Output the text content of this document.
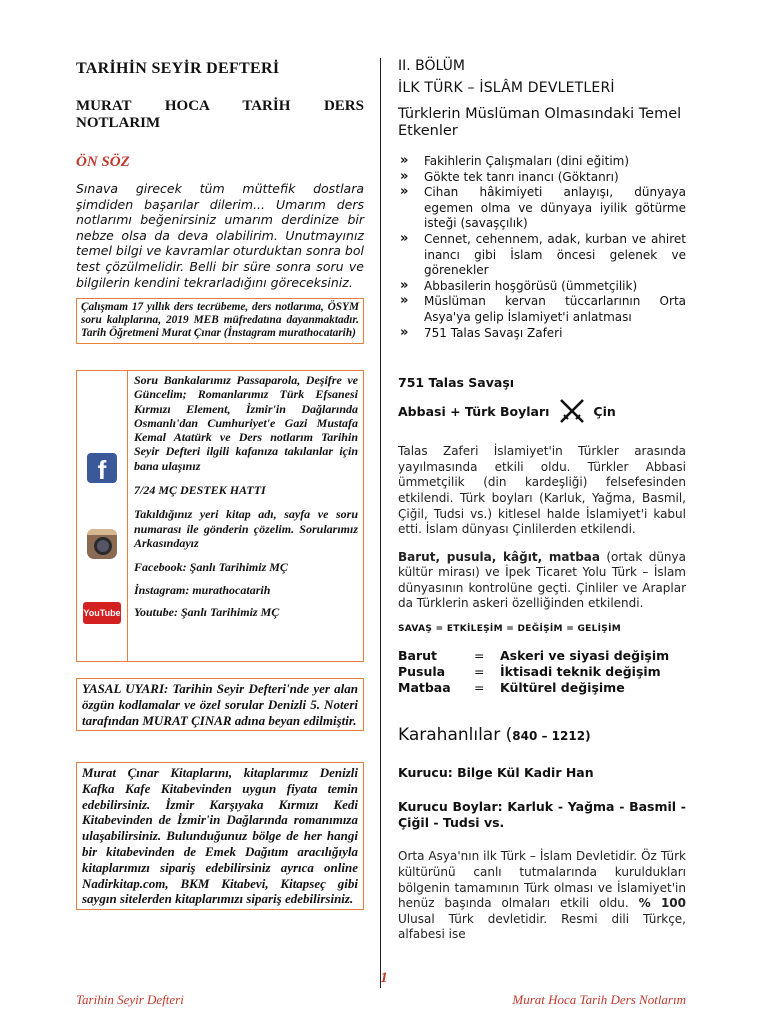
TARİHİN SEYİR DEFTERİ
MURAT HOCA TARİH DERS
NOTLARIM
ÖN SÖZ

Sınava girecek tüm müttefik dostlara şimdiden başarılar dilerim... Umarım ders notlarımı beğenirsiniz umarım derdinize bir nebze olsa da deva olabilirim. Unutmayınız temel bilgi ve kavramlar oturduktan sonra bol test çözülmelidir. Belli bir süre sonra soru ve bilgilerin kendini tekrarladığını göreceksiniz.

Çalışmam 17 yıllık ders tecrübeme, ders notlarıma, ÖSYM soru kalıplarına, 2019 MEB müfredatına dayanmaktadır. Tarih Öğretmeni Murat Çınar (İnstagram murathocatarih)
f
YouTube

Soru Bankalarımız Passaparola, Deşifre ve Güncelim; Romanlarımız Türk Efsanesi Kırmızı Element, İzmir'in Dağlarında Osmanlı'dan Cumhuriyet'e Gazi Mustafa Kemal Atatürk ve Ders notlarım Tarihin Seyir Defteri ilgili kafanıza takılanlar için bana ulaşınız

7/24 MÇ DESTEK HATTI

Takıldığınız yeri kitap adı, sayfa ve soru numarası ile gönderin çözelim. Sorularımız Arkasındayız

Facebook: Şanlı Tarihimiz MÇ

İnstagram: murathocatarih

Youtube: Şanlı Tarihimiz MÇ

YASAL UYARI: Tarihin Seyir Defteri'nde yer alan özgün kodlamalar ve özel sorular Denizli 5. Noteri tarafından MURAT ÇINAR adına beyan edilmiştir.
Murat Çınar Kitaplarını, kitaplarımız Denizli Kafka Kafe Kitabevinden uygun fiyata temin edebilirsiniz. İzmir Karşıyaka Kırmızı Kedi Kitabevinden de İzmir'in Dağlarında romanımıza ulaşabilirsiniz. Bulunduğunuz bölge de her hangi bir kitabevinden de Emek Dağıtım aracılığıyla kitaplarımızı sipariş edebilirsiniz ayrıca online Nadirkitap.com, BKM Kitabevi, Kitapseç gibi saygın sitelerden kitaplarımızı sipariş edebilirsiniz.
II. BÖLÜM
İLK TÜRK – İSLÂM DEVLETLERİ
Türklerin Müslüman Olmasındaki Temel Etkenler
» Fakihlerin Çalışmaları (dini eğitim)
» Gökte tek tanrı inancı (Göktanrı)
» Cihan hâkimiyeti anlayışı, dünyaya egemen olma ve dünyaya iyilik götürme isteği (savaşçılık)
» Cennet, cehennem, adak, kurban ve ahiret inancı gibi İslam öncesi gelenek ve görenekler
» Abbasilerin hoşgörüsü (ümmetçilik)
» Müslüman kervan tüccarlarının Orta Asya'ya gelip İslamiyet'i anlatması
» 751 Talas Savaşı Zaferi
751 Talas Savaşı
Abbasi + Türk Boyları	Çin

Talas Zaferi İslamiyet'in Türkler arasında yayılmasında etkili oldu. Türkler Abbasi ümmetçilik (din kardeşliği) felsefesinden etkilendi. Türk boyları (Karluk, Yağma, Basmil, Çiğil, Tudsi vs.) kitlesel halde İslamiyet'i kabul etti. İslam dünyası Çinlilerden etkilendi.

Barut, pusula, kâğıt, matbaa (ortak dünya kültür mirası) ve İpek Ticaret Yolu Türk – İslam dünyasının kontrolüne geçti. Çinliler ve Araplar da Türklerin askeri özelliğinden etkilendi.

SAVAŞ = ETKİLEŞİM = DEĞİŞİM = GELİŞİM
Barut	=	Askeri ve siyasi değişim
Pusula	=	İktisadi teknik değişim
Matbaa	=	Kültürel değişime
Karahanlılar (840 – 1212)
Kurucu: Bilge Kül Kadir Han
Kurucu Boylar: Karluk - Yağma - Basmil - Çiğil - Tudsi vs.

Orta Asya'nın ilk Türk – İslam Devletidir. Öz Türk kültürünü canlı tutmalarında kuruldukları bölgenin tamamının Türk olması ve İslamiyet'in henüz başında olmaları etkili oldu. % 100 Ulusal Türk devletidir. Resmi dili Türkçe, alfabesi ise

1
Tarihin Seyir Defteri	Murat Hoca Tarih Ders Notlarım
